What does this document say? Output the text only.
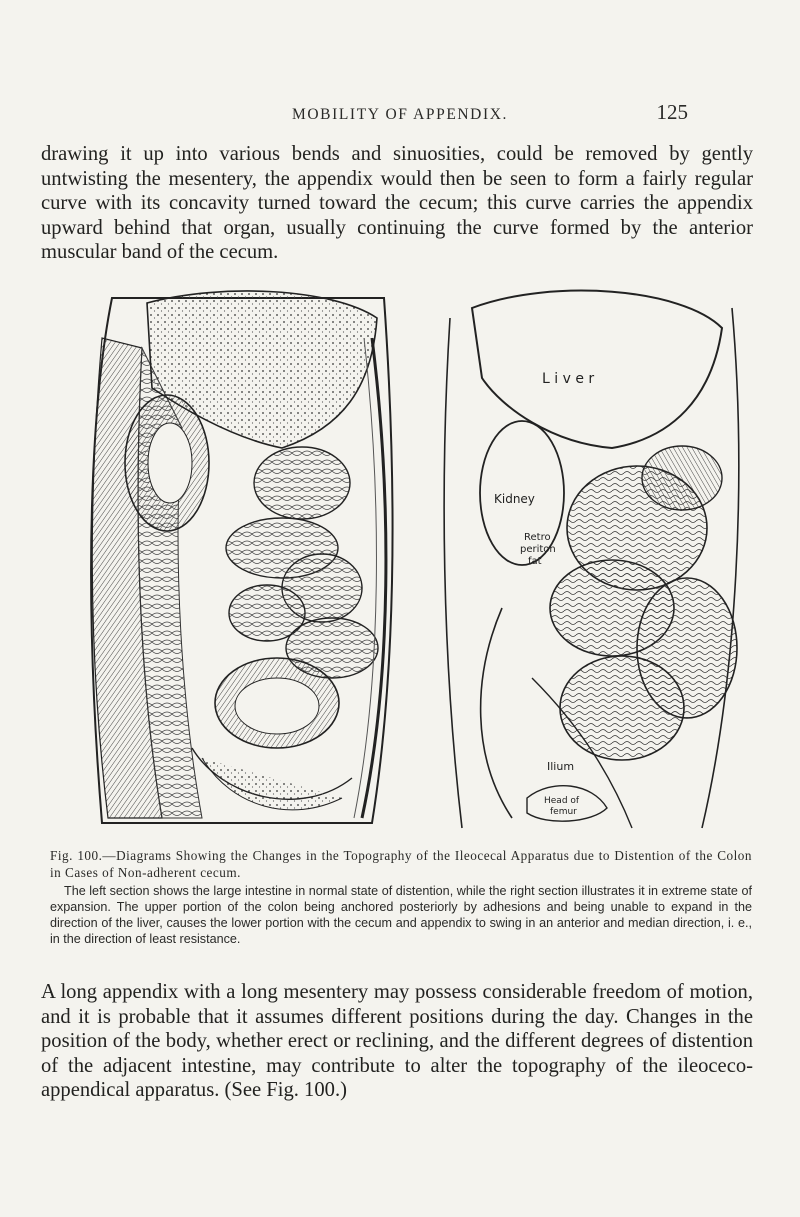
MOBILITY OF APPENDIX.	125

drawing it up into various bends and sinuosities, could be removed by gently untwisting the mesentery, the appendix would then be seen to form a fairly regular curve with its concavity turned toward the cecum; this curve carries the appendix upward behind that organ, usually continuing the curve formed by the anterior muscular band of the cecum.

L i v e r
Kidney
Retro
periton
fat
Ilium
Head of
femur

Fig. 100.—Diagrams Showing the Changes in the Topography of the Ileocecal Apparatus due to Distention of the Colon in Cases of Non-adherent cecum.

The left section shows the large intestine in normal state of distention, while the right section illustrates it in extreme state of expansion. The upper portion of the colon being anchored posteriorly by adhesions and being unable to expand in the direction of the liver, causes the lower portion with the cecum and appendix to swing in an anterior and median direction, i. e., in the direction of least resistance.

A long appendix with a long mesentery may possess considerable freedom of motion, and it is probable that it assumes different positions during the day. Changes in the position of the body, whether erect or reclining, and the different degrees of distention of the adjacent intestine, may contribute to alter the topography of the ileoceco-appendical apparatus. (See Fig. 100.)
